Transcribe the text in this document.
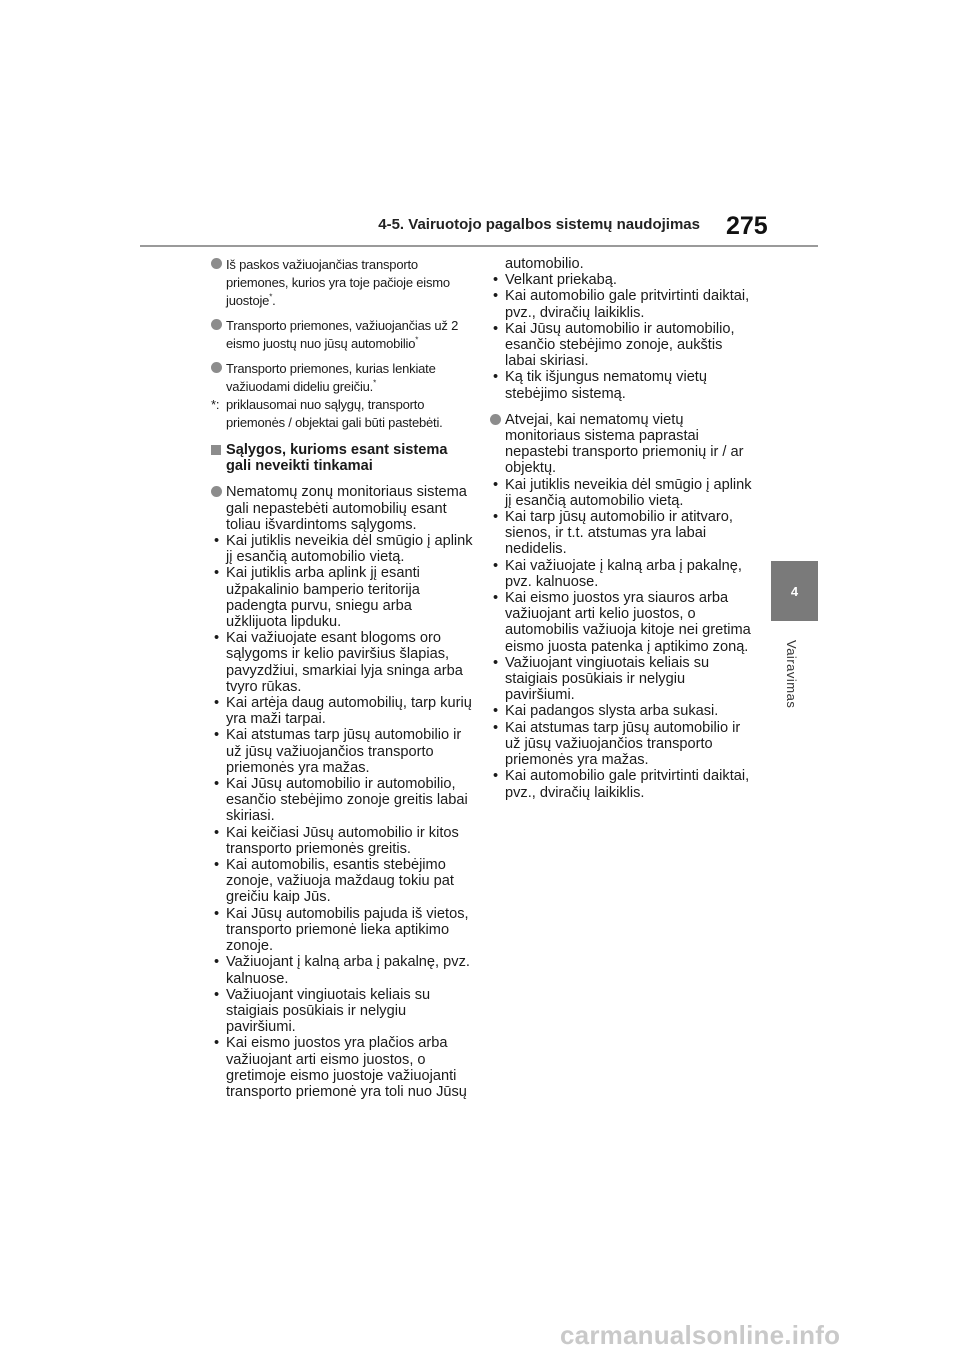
4-5. Vairuotojo pagalbos sistemų naudojimas 275
4
Vairavimas
Iš paskos važiuojančias transporto priemones, kurios yra toje pačioje eismo juostoje*.
Transporto priemones, važiuojančias už 2 eismo juostų nuo jūsų automobilio*
Transporto priemones, kurias lenkiate važiuodami dideliu greičiu.*
*: priklausomai nuo sąlygų, transporto priemonės / objektai gali būti pastebėti.
Sąlygos, kurioms esant sistema gali neveikti tinkamai
Nematomų zonų monitoriaus sistema gali nepastebėti automobilių esant toliau išvardintoms sąlygoms.
• Kai jutiklis neveikia dėl smūgio į aplink jį esančią automobilio vietą.
• Kai jutiklis arba aplink jį esanti užpakalinio bamperio teritorija padengta purvu, sniegu arba užklijuota lipduku.
• Kai važiuojate esant blogoms oro sąlygoms ir kelio paviršius šlapias, pavyzdžiui, smarkiai lyja sninga arba tvyro rūkas.
• Kai artėja daug automobilių, tarp kurių yra maži tarpai.
• Kai atstumas tarp jūsų automobilio ir už jūsų važiuojančios transporto priemonės yra mažas.
• Kai Jūsų automobilio ir automobilio, esančio stebėjimo zonoje greitis labai skiriasi.
• Kai keičiasi Jūsų automobilio ir kitos transporto priemonės greitis.
• Kai automobilis, esantis stebėjimo zonoje, važiuoja maždaug tokiu pat greičiu kaip Jūs.
• Kai Jūsų automobilis pajuda iš vietos, transporto priemonė lieka aptikimo zonoje.
• Važiuojant į kalną arba į pakalnę, pvz. kalnuose.
• Važiuojant vingiuotais keliais su staigiais posūkiais ir nelygiu paviršiumi.
• Kai eismo juostos yra plačios arba važiuojant arti eismo juostos, o gretimoje eismo juostoje važiuojanti transporto priemonė yra toli nuo Jūsų
automobilio.
• Velkant priekabą.
• Kai automobilio gale pritvirtinti daiktai, pvz., dviračių laikiklis.
• Kai Jūsų automobilio ir automobilio, esančio stebėjimo zonoje, aukštis labai skiriasi.
• Ką tik išjungus nematomų vietų stebėjimo sistemą.
Atvejai, kai nematomų vietų monitoriaus sistema paprastai nepastebi transporto priemonių ir / ar objektų.
• Kai jutiklis neveikia dėl smūgio į aplink jį esančią automobilio vietą.
• Kai tarp jūsų automobilio ir atitvaro, sienos, ir t.t. atstumas yra labai nedidelis.
• Kai važiuojate į kalną arba į pakalnę, pvz. kalnuose.
• Kai eismo juostos yra siauros arba važiuojant arti kelio juostos, o automobilis važiuoja kitoje nei gretima eismo juosta patenka į aptikimo zoną.
• Važiuojant vingiuotais keliais su staigiais posūkiais ir nelygiu paviršiumi.
• Kai padangos slysta arba sukasi.
• Kai atstumas tarp jūsų automobilio ir už jūsų važiuojančios transporto priemonės yra mažas.
• Kai automobilio gale pritvirtinti daiktai, pvz., dviračių laikiklis.
carmanualsonline.info
